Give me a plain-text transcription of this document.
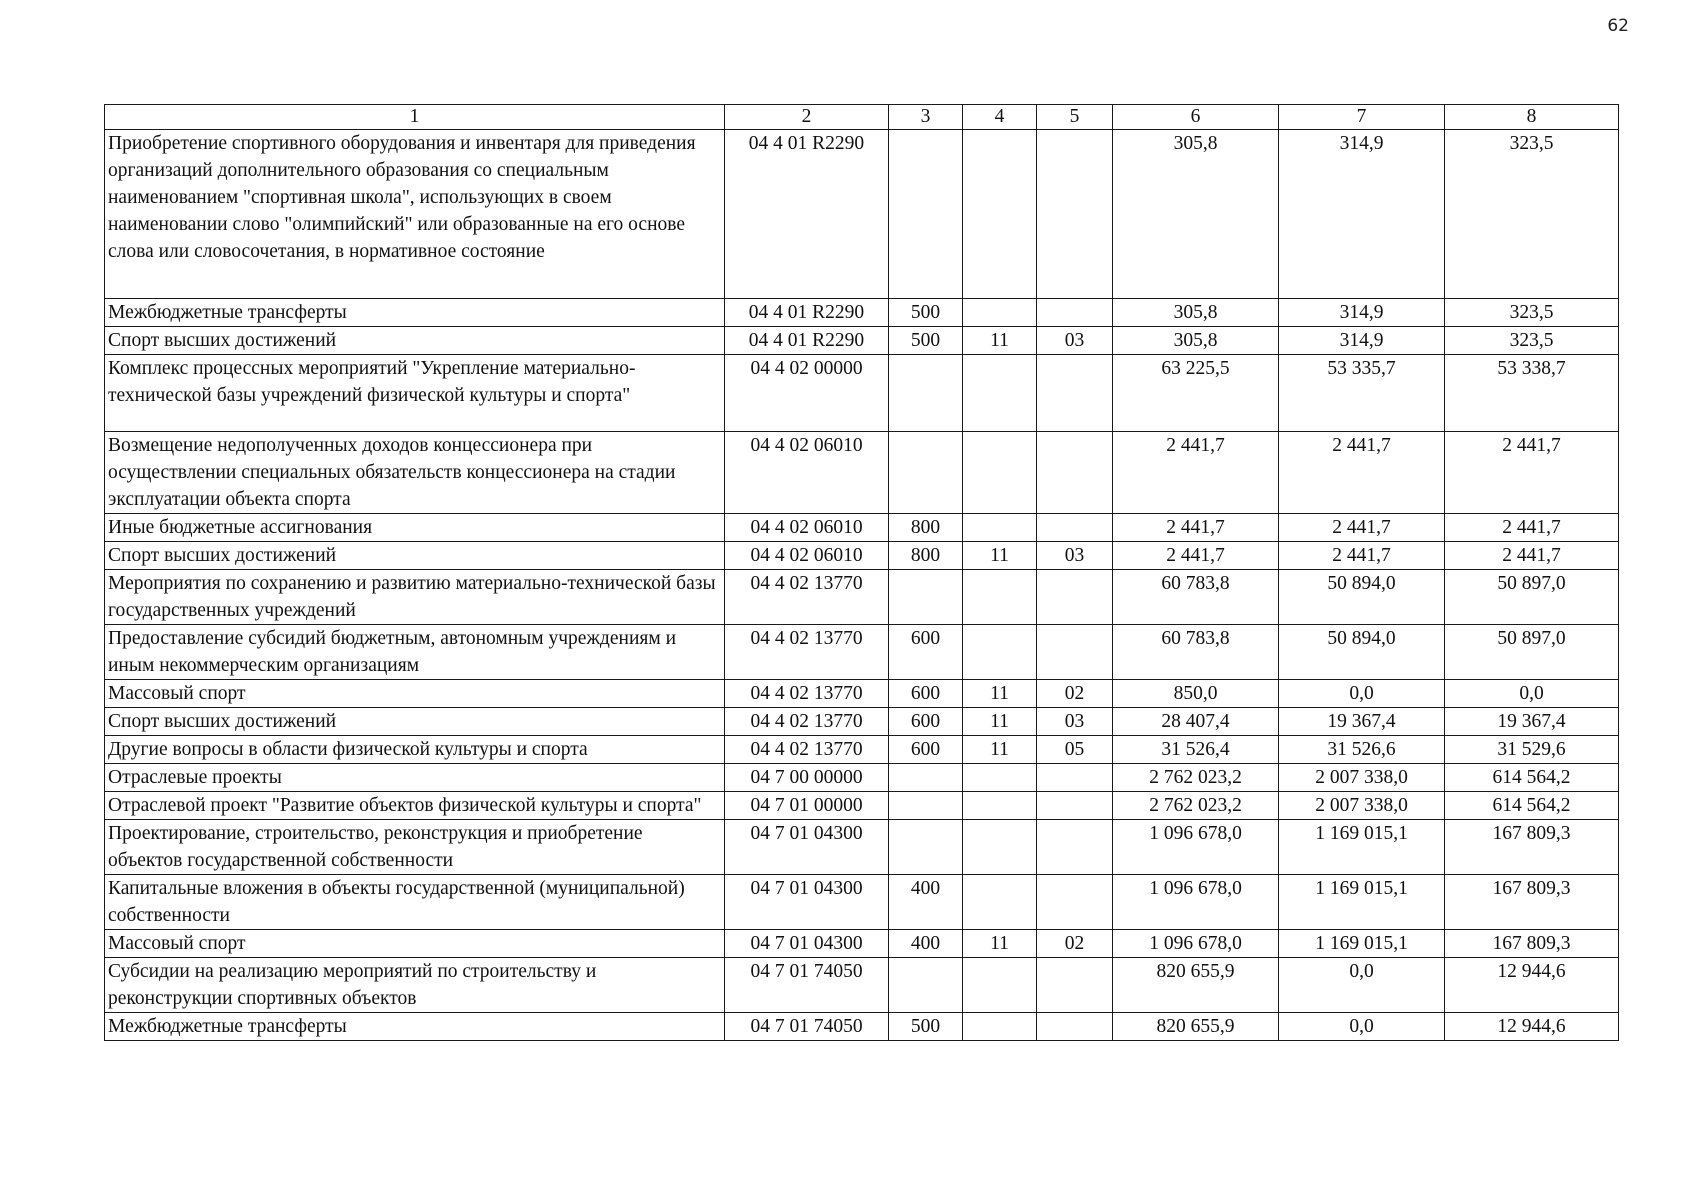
62
1	2	3	4	5	6	7	8
Приобретение спортивного оборудования и инвентаря для приведения организаций дополнительного образования со специальным наименованием "спортивная школа", использующих в своем наименовании слово "олимпийский" или образованные на его основе слова или словосочетания, в нормативное состояние	04 4 01 R2290				305,8	314,9	323,5
Межбюджетные трансферты	04 4 01 R2290	500			305,8	314,9	323,5
Спорт высших достижений	04 4 01 R2290	500	11	03	305,8	314,9	323,5
Комплекс процессных мероприятий "Укрепление материально-технической базы учреждений физической культуры и спорта"	04 4 02 00000				63 225,5	53 335,7	53 338,7
Возмещение недополученных доходов концессионера при осуществлении специальных обязательств концессионера на стадии эксплуатации объекта спорта	04 4 02 06010				2 441,7	2 441,7	2 441,7
Иные бюджетные ассигнования	04 4 02 06010	800			2 441,7	2 441,7	2 441,7
Спорт высших достижений	04 4 02 06010	800	11	03	2 441,7	2 441,7	2 441,7
Мероприятия по сохранению и развитию материально-технической базы государственных учреждений	04 4 02 13770				60 783,8	50 894,0	50 897,0
Предоставление субсидий бюджетным, автономным учреждениям и иным некоммерческим организациям	04 4 02 13770	600			60 783,8	50 894,0	50 897,0
Массовый спорт	04 4 02 13770	600	11	02	850,0	0,0	0,0
Спорт высших достижений	04 4 02 13770	600	11	03	28 407,4	19 367,4	19 367,4
Другие вопросы в области физической культуры и спорта	04 4 02 13770	600	11	05	31 526,4	31 526,6	31 529,6
Отраслевые проекты	04 7 00 00000				2 762 023,2	2 007 338,0	614 564,2
Отраслевой проект "Развитие объектов физической культуры и спорта"	04 7 01 00000				2 762 023,2	2 007 338,0	614 564,2
Проектирование, строительство, реконструкция и приобретение объектов государственной собственности	04 7 01 04300				1 096 678,0	1 169 015,1	167 809,3
Капитальные вложения в объекты государственной (муниципальной) собственности	04 7 01 04300	400			1 096 678,0	1 169 015,1	167 809,3
Массовый спорт	04 7 01 04300	400	11	02	1 096 678,0	1 169 015,1	167 809,3
Субсидии на реализацию мероприятий по строительству и реконструкции спортивных объектов	04 7 01 74050				820 655,9	0,0	12 944,6
Межбюджетные трансферты	04 7 01 74050	500			820 655,9	0,0	12 944,6
